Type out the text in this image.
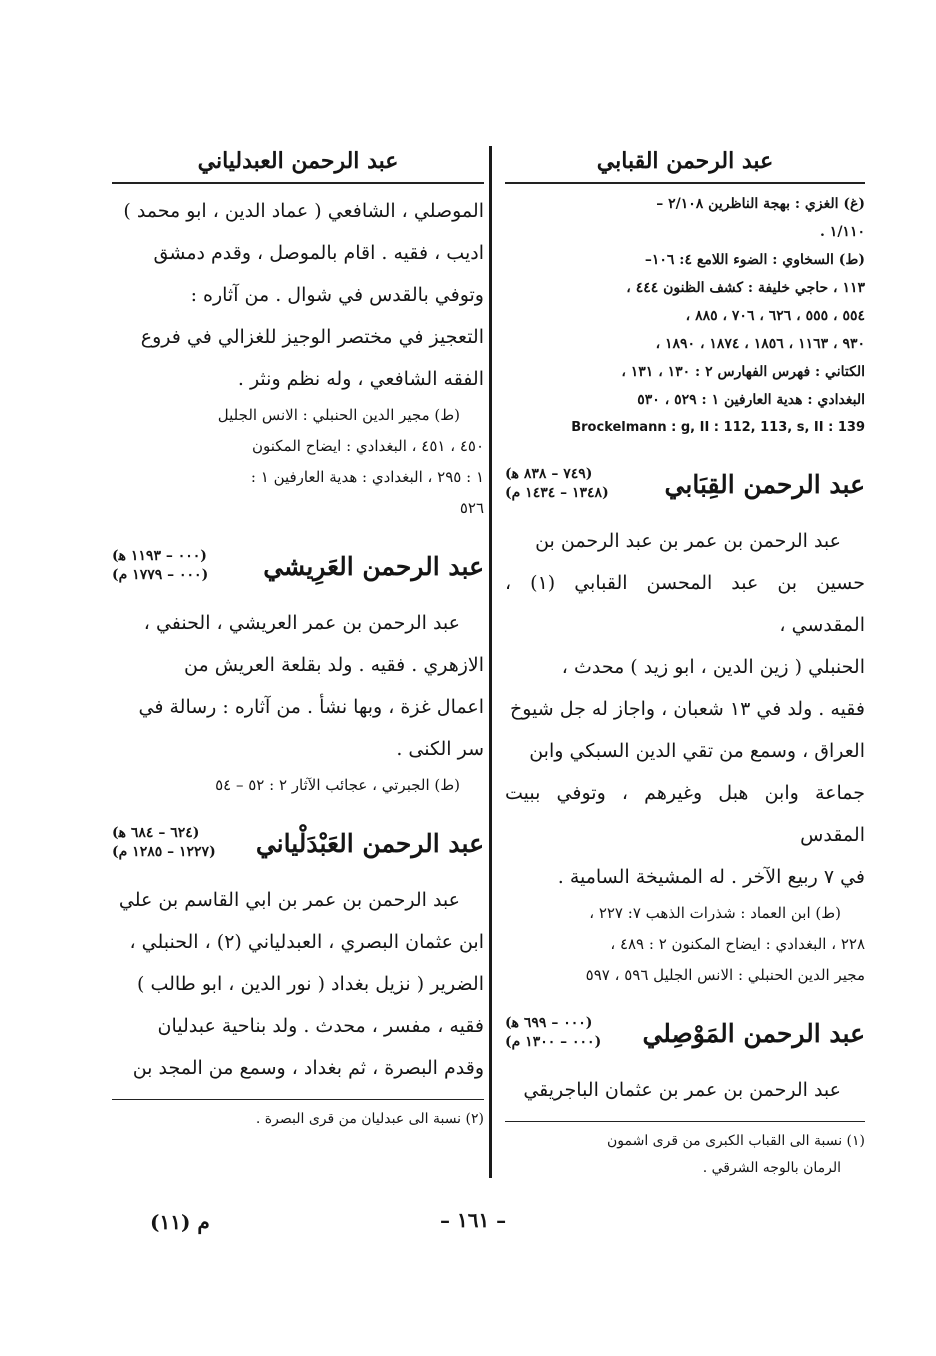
عبد الرحمن القبابي

(غ) الغزي : بهجة الناظرين ٢/١٠٨ –

١/١١٠ .

(ط) السخاوي : الضوء اللامع ٤: ١٠٦–

١١٣ ، حاجي خليفة : كشف الظنون ٤٤٤ ،

٥٥٤ ، ٥٥٥ ، ٦٢٦ ، ٧٠٦ ، ٨٨٥ ،

٩٣٠ ، ١١٦٣ ، ١٨٥٦ ، ١٨٧٤ ، ١٨٩٠ ،

الكتاني : فهرس الفهارس ٢ : ١٣٠ ، ١٣١ ،

البغدادي : هدية العارفين ١ : ٥٢٩ ، ٥٣٠

Brockelmann : g, II : 112, 113, s, II : 139

عبد الرحمن القِبَابي
(٧٤٩ – ٨٣٨ ﻫ)
(١٣٤٨ – ١٤٣٤ م)

عبد الرحمن بن عمر بن عبد الرحمن بن

حسين بن عبد المحسن القبابي (١) ، المقدسي ،

الحنبلي ( زين الدين ، ابو زيد ) محدث ،

فقيه . ولد في ١٣ شعبان ، واجاز له جل شيوخ

العراق ، وسمع من تقي الدين السبكي وابن

جماعة وابن هبل وغيرهم ، وتوفي ببيت المقدس

في ٧ ربيع الآخر . له المشيخة السامية .

(ط) ابن العماد : شذرات الذهب ٧: ٢٢٧ ،

٢٢٨ ، البغدادي : ايضاح المكنون ٢ : ٤٨٩ ،

مجير الدين الحنبلي : الانس الجليل ٥٩٦ ، ٥٩٧

عبد الرحمن المَوْصِلي
(٠٠٠ – ٦٩٩ ﻫ)
(٠٠٠ – ١٣٠٠ م)

عبد الرحمن بن عمر بن عثمان الباجريقي

(١) نسبة الى القباب الكبرى من قرى اشمون

الرمان بالوجه الشرقي .

عبد الرحمن العبدلياني

الموصلي ، الشافعي ( عماد الدين ، ابو محمد )

اديب ، فقيه . اقام بالموصل ، وقدم دمشق

وتوفي بالقدس في شوال . من آثاره :

التعجيز في مختصر الوجيز للغزالي في فروع

الفقه الشافعي ، وله نظم ونثر .

(ط) مجير الدين الحنبلي : الانس الجليل

٤٥٠ ، ٤٥١ ، البغدادي : ايضاح المكنون

١ : ٢٩٥ ، البغدادي : هدية العارفين ١ :

٥٢٦

عبد الرحمن العَرِيشي
(٠٠٠ – ١١٩٣ ﻫ)
(٠٠٠ – ١٧٧٩ م)

عبد الرحمن بن عمر العريشي ، الحنفي ،

الازهري . فقيه . ولد بقلعة العريش من

اعمال غزة ، وبها نشأ . من آثاره : رسالة في

سر الكنى .

(ط) الجبرتي ، عجائب الآثار ٢ : ٥٢ – ٥٤

عبد الرحمن العَبْدَلْياني
(٦٢٤ – ٦٨٤ ﻫ)
(١٢٢٧ – ١٢٨٥ م)

عبد الرحمن بن عمر بن ابي القاسم بن علي

ابن عثمان البصري ، العبدلياني (٢) ، الحنبلي ،

الضرير ( نزيل بغداد ( نور الدين ، ابو طالب )

فقيه ، مفسر ، محدث . ولد بناحية عبدليان

وقدم البصرة ، ثم بغداد ، وسمع من المجد بن

(٢) نسبة الى عبدليان من قرى البصرة .

– ١٦١ –
م (١١)
